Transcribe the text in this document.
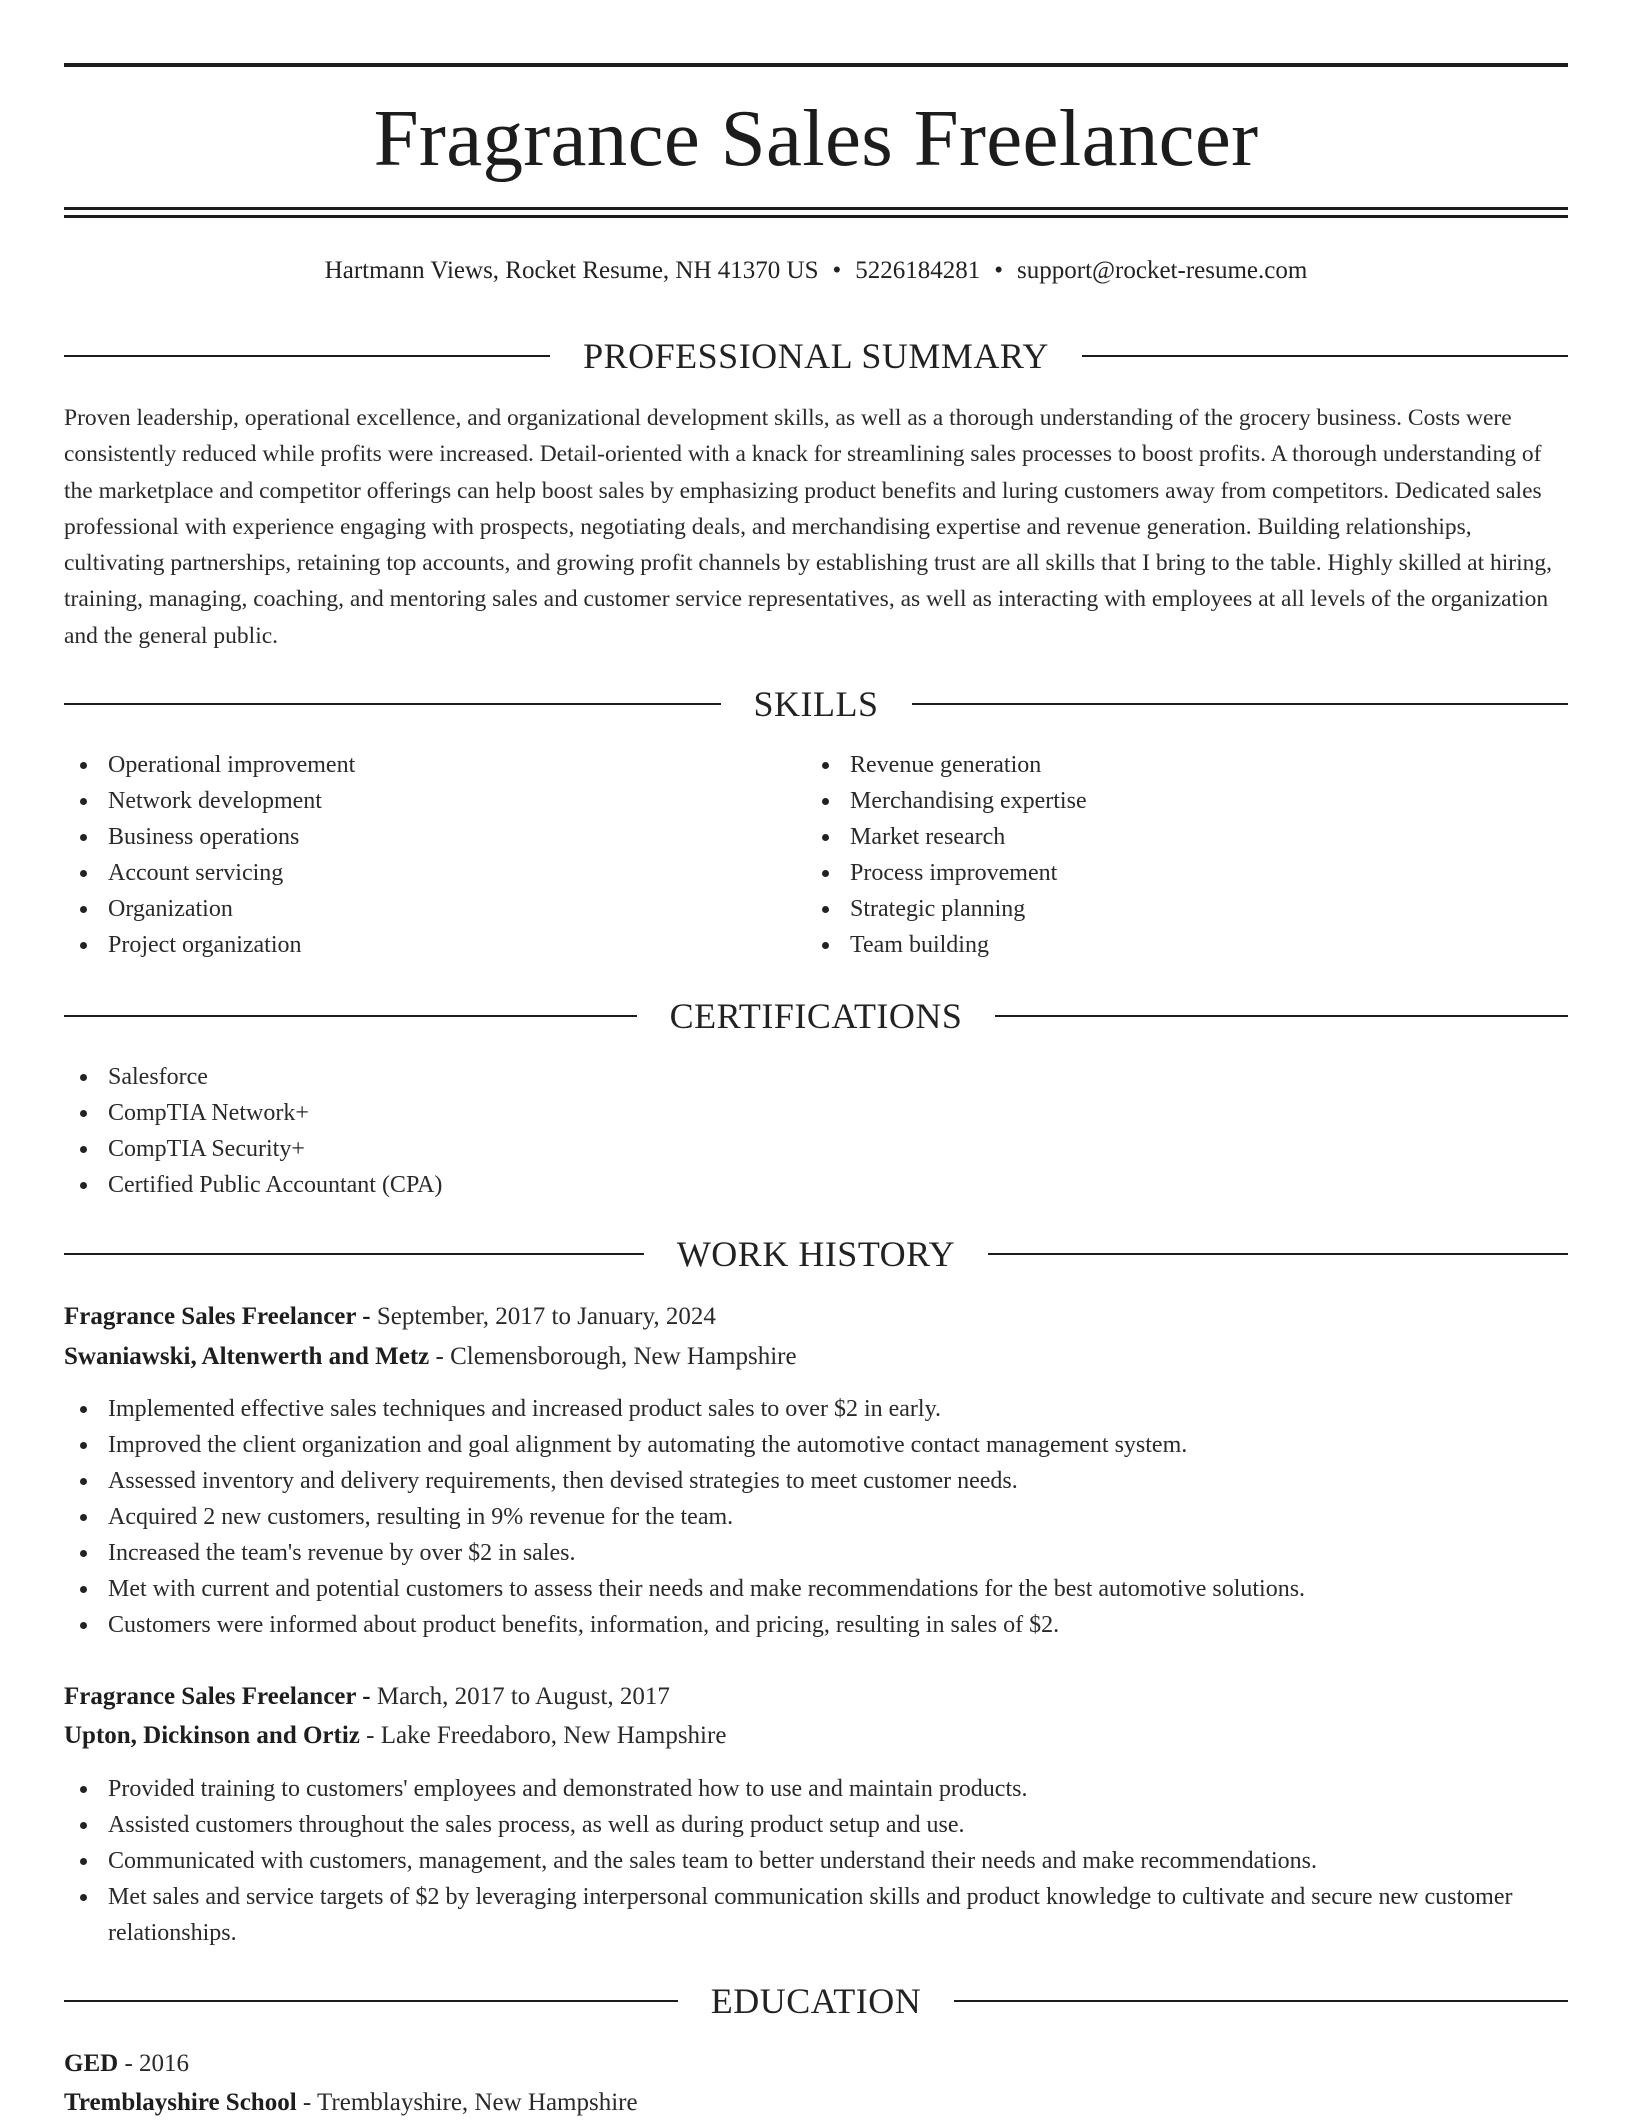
Fragrance Sales Freelancer
Hartmann Views, Rocket Resume, NH 41370 US • 5226184281 • support@rocket-resume.com
PROFESSIONAL SUMMARY

Proven leadership, operational excellence, and organizational development skills, as well as a thorough understanding of the grocery business. Costs were consistently reduced while profits were increased. Detail-oriented with a knack for streamlining sales processes to boost profits. A thorough understanding of the marketplace and competitor offerings can help boost sales by emphasizing product benefits and luring customers away from competitors. Dedicated sales professional with experience engaging with prospects, negotiating deals, and merchandising expertise and revenue generation. Building relationships, cultivating partnerships, retaining top accounts, and growing profit channels by establishing trust are all skills that I bring to the table. Highly skilled at hiring, training, managing, coaching, and mentoring sales and customer service representatives, as well as interacting with employees at all levels of the organization and the general public.

SKILLS
Operational improvement
Network development
Business operations
Account servicing
Organization
Project organization
Revenue generation
Merchandising expertise
Market research
Process improvement
Strategic planning
Team building
CERTIFICATIONS
Salesforce
CompTIA Network+
CompTIA Security+
Certified Public Accountant (CPA)
WORK HISTORY
Fragrance Sales Freelancer - September, 2017 to January, 2024
Swaniawski, Altenwerth and Metz - Clemensborough, New Hampshire
Implemented effective sales techniques and increased product sales to over $2 in early.
Improved the client organization and goal alignment by automating the automotive contact management system.
Assessed inventory and delivery requirements, then devised strategies to meet customer needs.
Acquired 2 new customers, resulting in 9% revenue for the team.
Increased the team's revenue by over $2 in sales.
Met with current and potential customers to assess their needs and make recommendations for the best automotive solutions.
Customers were informed about product benefits, information, and pricing, resulting in sales of $2.
Fragrance Sales Freelancer - March, 2017 to August, 2017
Upton, Dickinson and Ortiz - Lake Freedaboro, New Hampshire
Provided training to customers' employees and demonstrated how to use and maintain products.
Assisted customers throughout the sales process, as well as during product setup and use.
Communicated with customers, management, and the sales team to better understand their needs and make recommendations.
Met sales and service targets of $2 by leveraging interpersonal communication skills and product knowledge to cultivate and secure new customer relationships.
EDUCATION
GED - 2016
Tremblayshire School - Tremblayshire, New Hampshire
